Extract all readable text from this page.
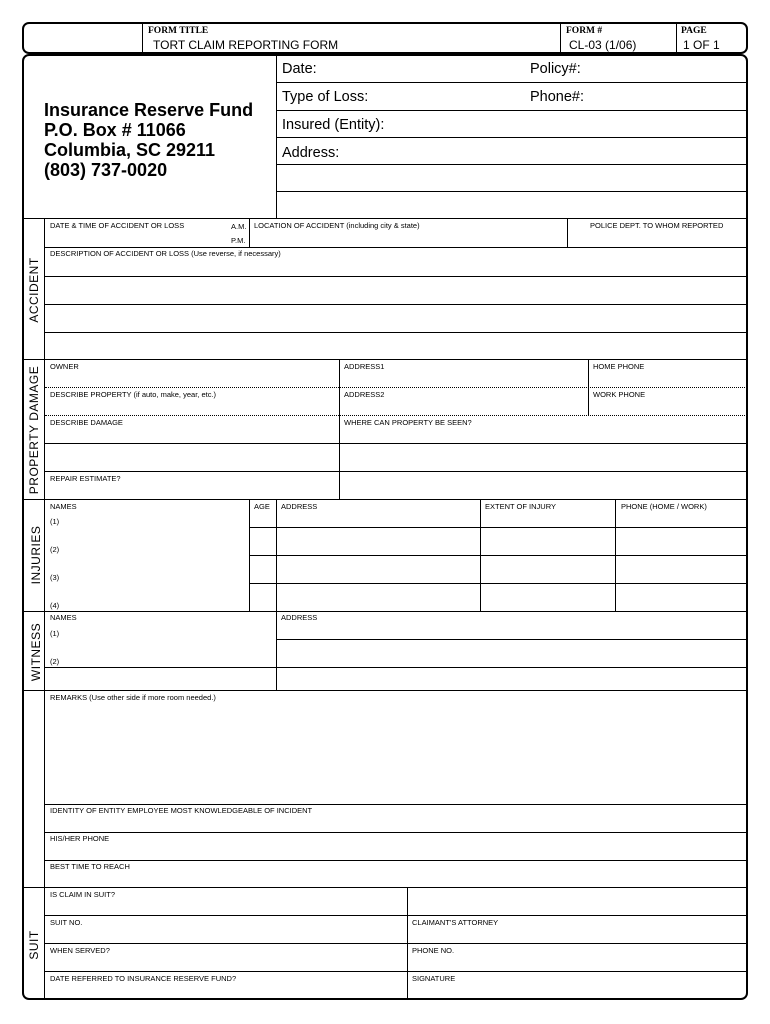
FORM TITLE
TORT CLAIM REPORTING FORM
FORM #
CL-03 (1/06)
PAGE
1 OF 1
Insurance Reserve Fund
P.O. Box # 11066
Columbia, SC 29211
(803) 737-0020
Date:	Policy#:
Type of Loss:	Phone#:
Insured (Entity):
Address:
ACCIDENT
DATE & TIME OF ACCIDENT OR LOSS	A.M.
P.M.
LOCATION OF ACCIDENT (including city & state)	POLICE DEPT. TO WHOM REPORTED
DESCRIPTION OF ACCIDENT OR LOSS (Use reverse, if necessary)
PROPERTY DAMAGE OWNER	ADDRESS1	HOME PHONE
DESCRIBE PROPERTY (if auto, make, year, etc.)	ADDRESS2	WORK PHONE
DESCRIBE DAMAGE	WHERE CAN PROPERTY BE SEEN?
REPAIR ESTIMATE?
INJURIES
NAMES	AGE ADDRESS	EXTENT OF INJURY	PHONE (HOME / WORK)
(1)
(2)
(3)
(4)
WITNESS
NAMES	ADDRESS
(1)
(2)
REMARKS (Use other side if more room needed.)
IDENTITY OF ENTITY EMPLOYEE MOST KNOWLEDGEABLE OF INCIDENT
HIS/HER PHONE
BEST TIME TO REACH
SUIT
IS CLAIM IN SUIT?
SUIT NO.	CLAIMANT'S ATTORNEY
WHEN SERVED?	PHONE NO.
DATE REFERRED TO INSURANCE RESERVE FUND?	SIGNATURE
